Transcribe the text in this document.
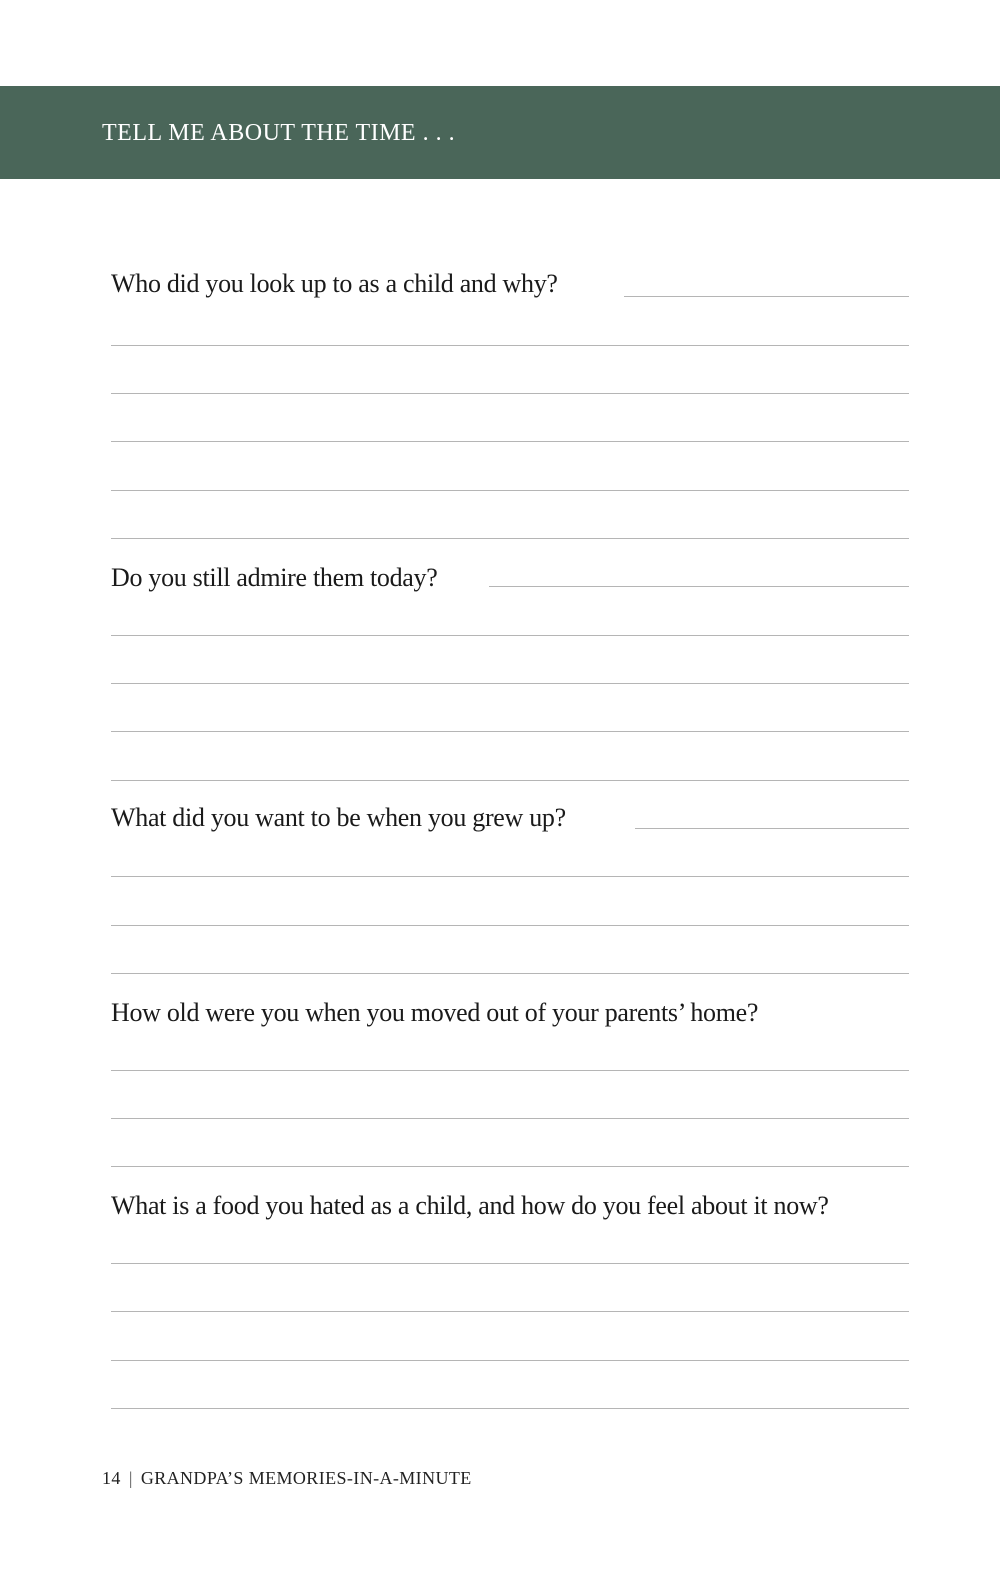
TELL ME ABOUT THE TIME . . .
Who did you look up to as a child and why?
Do you still admire them today?
What did you want to be when you grew up?
How old were you when you moved out of your parents’ home?
What is a food you hated as a child, and how do you feel about it now?
14 | GRANDPA’S MEMORIES-IN-A-MINUTE
